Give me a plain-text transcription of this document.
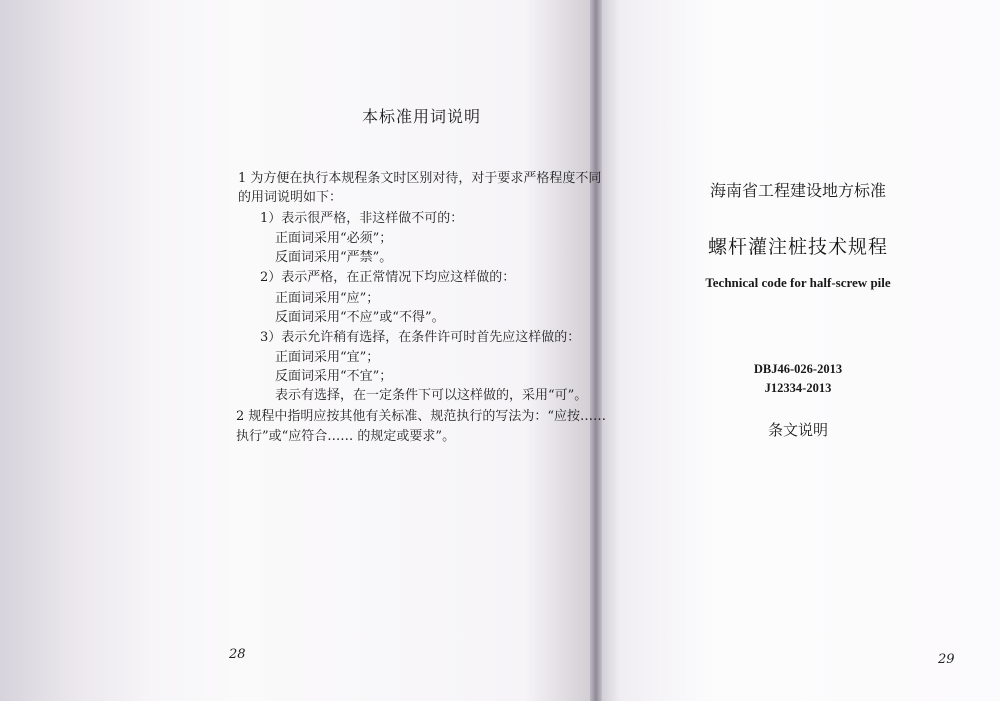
本标准用词说明
1 为方便在执行本规程条文时区别对待，对于要求严格程度不同
的用词说明如下：
1）表示很严格，非这样做不可的：
正面词采用“必须”；
反面词采用“严禁”。
2）表示严格，在正常情况下均应这样做的：
正面词采用“应”；
反面词采用“不应”或“不得”。
3）表示允许稍有选择，在条件许可时首先应这样做的：
正面词采用“宜”；
反面词采用“不宜”；
表示有选择，在一定条件下可以这样做的，采用“可”。
2 规程中指明应按其他有关标准、规范执行的写法为：“应按……
执行”或“应符合…… 的规定或要求”。
28
海南省工程建设地方标准
螺杆灌注桩技术规程
Technical code for half-screw pile
DBJ46-026-2013
J12334-2013
条文说明
29
